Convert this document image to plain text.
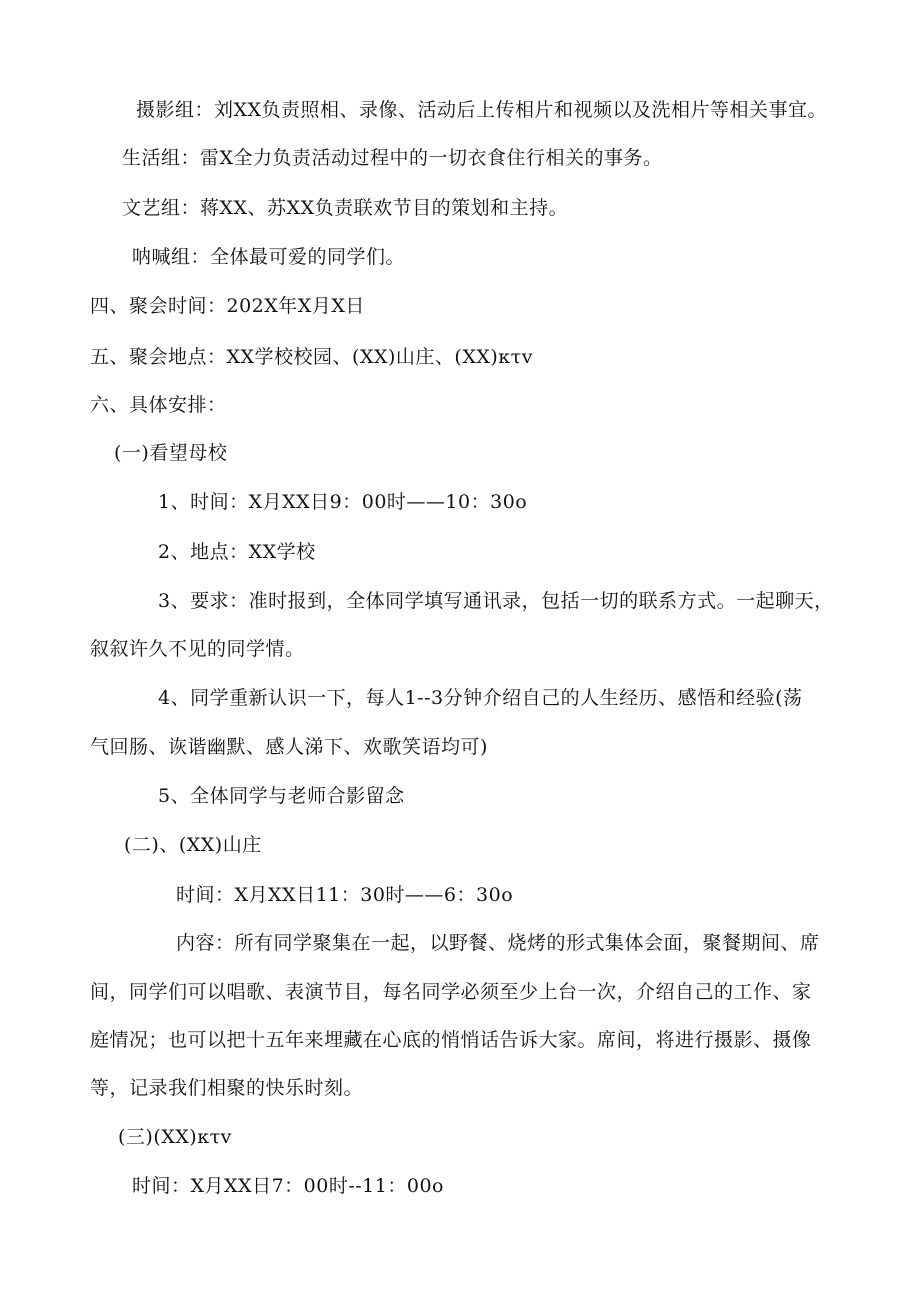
摄影组：刘XX负责照相、录像、活动后上传相片和视频以及洗相片等相关事宜。
生活组：雷X全力负责活动过程中的一切衣食住行相关的事务。
文艺组：蒋XX、苏XX负责联欢节目的策划和主持。
呐喊组：全体最可爱的同学们。
四、聚会时间：202X年X月X日
五、聚会地点：XX学校校园、(XX)山庄、(XX)κτv
六、具体安排：
(一)看望母校
1、时间：X月XX日9：00时——10：30o
2、地点：XX学校
3、要求：准时报到，全体同学填写通讯录，包括一切的联系方式。一起聊天，
叙叙许久不见的同学情。
4、同学重新认识一下，每人1--3分钟介绍自己的人生经历、感悟和经验(荡
气回肠、诙谐幽默、感人涕下、欢歌笑语均可)
5、全体同学与老师合影留念
(二)、(XX)山庄
时间：X月XX日11：30时——6：30o
内容：所有同学聚集在一起，以野餐、烧烤的形式集体会面，聚餐期间、席
间，同学们可以唱歌、表演节目，每名同学必须至少上台一次，介绍自己的工作、家
庭情况；也可以把十五年来埋藏在心底的悄悄话告诉大家。席间，将进行摄影、摄像
等，记录我们相聚的快乐时刻。
(三)(XX)κτv
时间：X月XX日7：00时--11：00o
